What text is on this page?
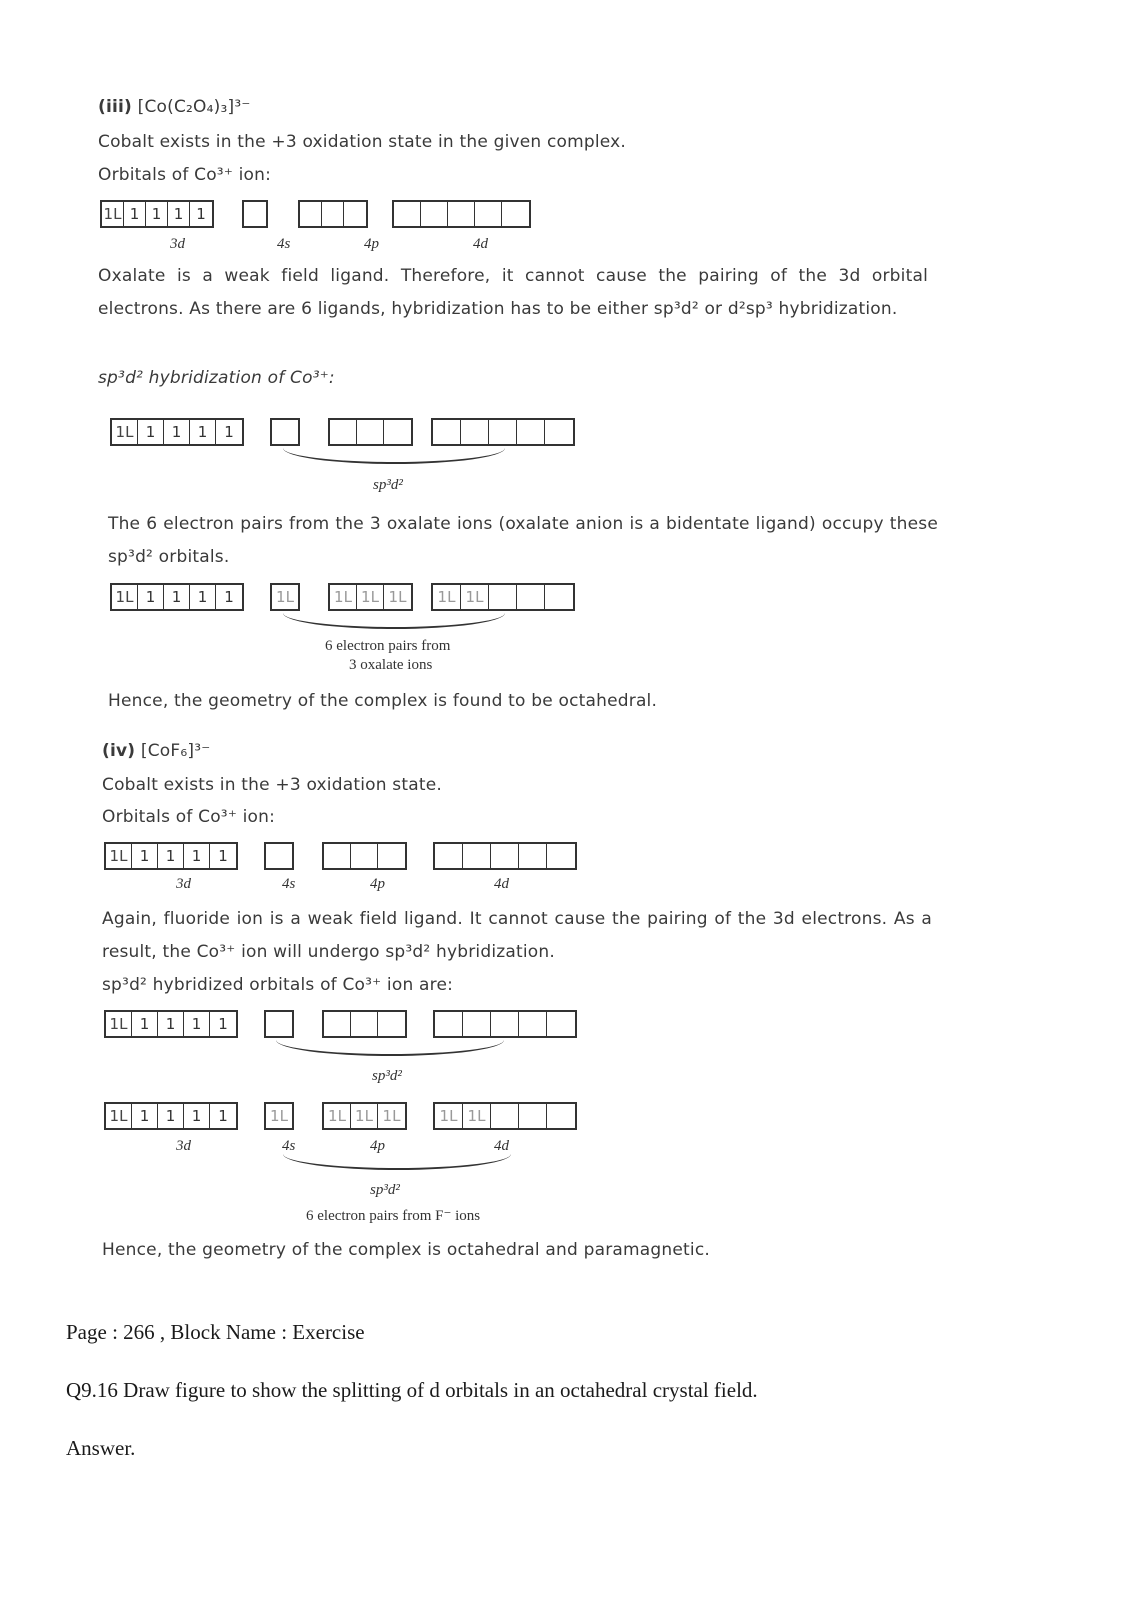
(iii) [Co(C₂O₄)₃]³⁻
Cobalt exists in the +3 oxidation state in the given complex.
Orbitals of Co³⁺ ion:
1L 1 1 1 1
3d	4s	4p	4d
Oxalate is a weak field ligand. Therefore, it cannot cause the pairing of the 3d orbital electrons. As there are 6 ligands, hybridization has to be either sp³d² or d²sp³ hybridization.
sp³d² hybridization of Co³⁺:
1L 1	1	1	1
sp³d²
The 6 electron pairs from the 3 oxalate ions (oxalate anion is a bidentate ligand) occupy these sp³d² orbitals.
1L 1	1	1	1	1L	1L 1L 1L	1L 1L
6 electron pairs from
3 oxalate ions
Hence, the geometry of the complex is found to be octahedral.
(iv) [CoF₆]³⁻
Cobalt exists in the +3 oxidation state.
Orbitals of Co³⁺ ion:
1L 1	1	1	1
3d	4s	4p	4d
Again, fluoride ion is a weak field ligand. It cannot cause the pairing of the 3d electrons. As a result, the Co³⁺ ion will undergo sp³d² hybridization.
sp³d² hybridized orbitals of Co³⁺ ion are:
1L 1	1	1	1
sp³d²
1L 1	1	1	1	1L	1L 1L 1L	1L 1L
3d	4s	4p	4d
sp³d²
6 electron pairs from F⁻ ions
Hence, the geometry of the complex is octahedral and paramagnetic.
Page : 266 , Block Name : Exercise
Q9.16 Draw figure to show the splitting of d orbitals in an octahedral crystal field.
Answer.
